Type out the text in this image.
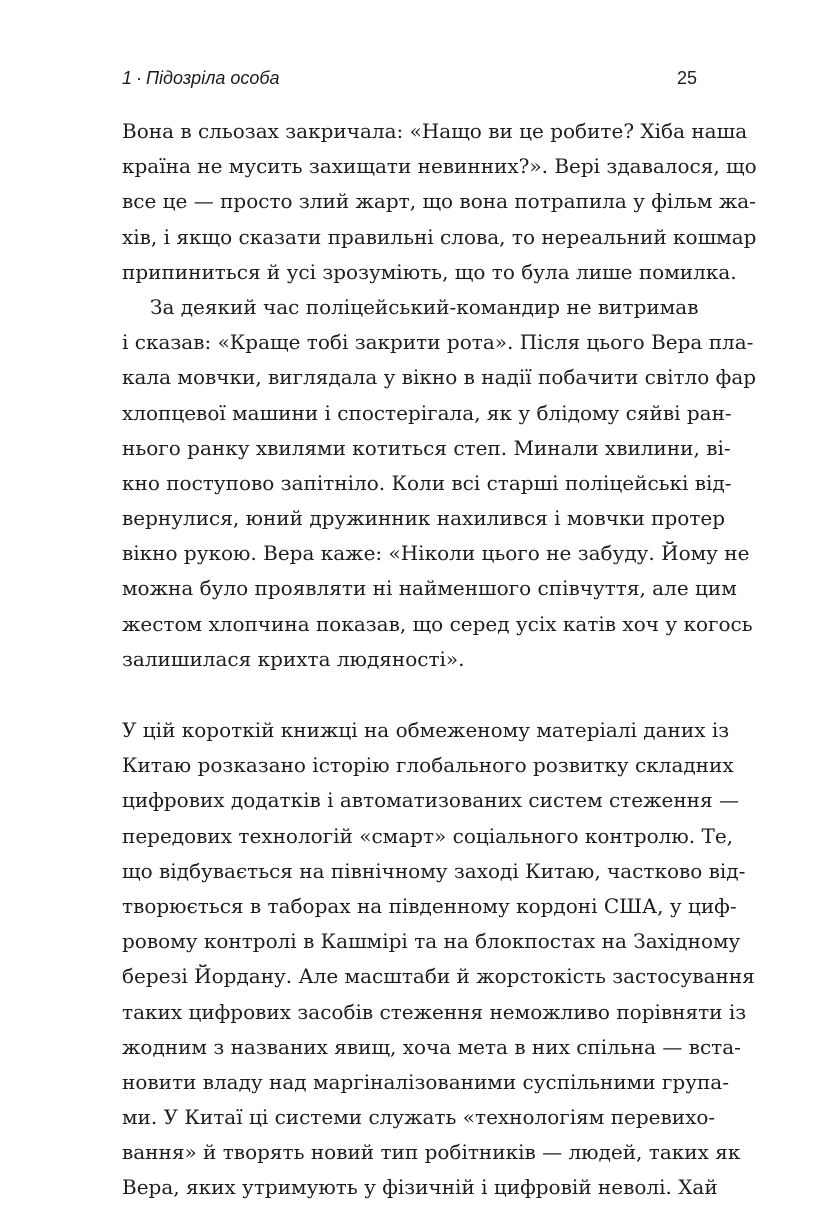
1 · Підозріла особа	25
Вона в сльозах закричала: «Нащо ви це робите? Хіба наша
країна не мусить захищати невинних?». Вері здавалося, що
все це — просто злий жарт, що вона потрапила у фільм жа-
хів, і якщо сказати правильні слова, то нереальний кошмар
припиниться й усі зрозуміють, що то була лише помилка.
За деякий час поліцейський-командир не витримав
і сказав: «Краще тобі закрити рота». Після цього Вера пла-
кала мовчки, виглядала у вікно в надії побачити світло фар
хлопцевої машини і спостерігала, як у блідому сяйві ран-
нього ранку хвилями котиться степ. Минали хвилини, ві-
кно поступово запітніло. Коли всі старші поліцейські від-
вернулися, юний дружинник нахилився і мовчки протер
вікно рукою. Вера каже: «Ніколи цього не забуду. Йому не
можна було проявляти ні найменшого співчуття, але цим
жестом хлопчина показав, що серед усіх катів хоч у когось
залишилася крихта людяності».
У цій короткій книжці на обмеженому матеріалі даних із
Китаю розказано історію глобального розвитку складних
цифрових додатків і автоматизованих систем стеження —
передових технологій «смарт» соціального контролю. Те,
що відбувається на північному заході Китаю, частково від-
творюється в таборах на південному кордоні США, у циф-
ровому контролі в Кашмірі та на блокпостах на Західному
березі Йордану. Але масштаби й жорстокість застосування
таких цифрових засобів стеження неможливо порівняти із
жодним з названих явищ, хоча мета в них спільна — вста-
новити владу над маргіналізованими суспільними група-
ми. У Китаї ці системи служать «технологіям перевихо-
вання» й творять новий тип робітників — людей, таких як
Вера, яких утримують у фізичній і цифровій неволі. Хай
